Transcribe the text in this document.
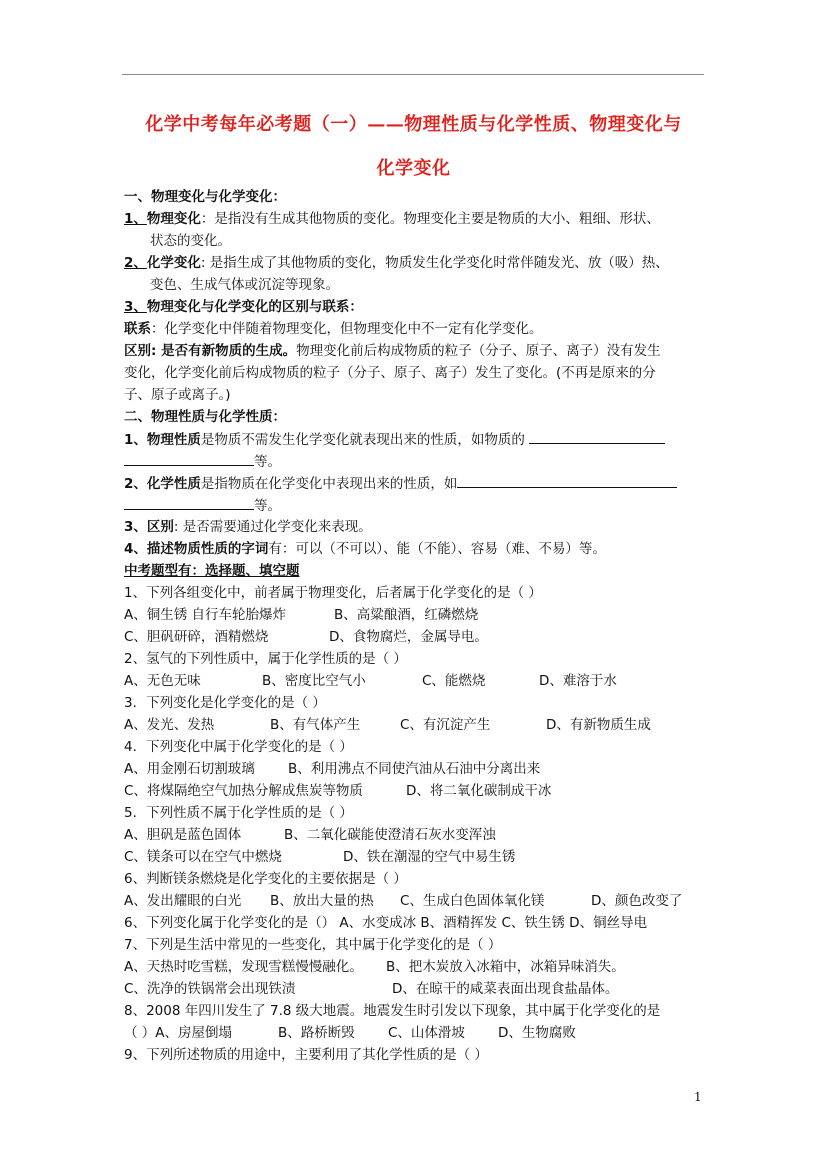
化学中考每年必考题（一）——物理性质与化学性质、物理变化与
化学变化
一、物理变化与化学变化：
1、物理变化：是指没有生成其他物质的变化。物理变化主要是物质的大小、粗细、形状、
状态的变化。
2、化学变化: 是指生成了其他物质的变化，物质发生化学变化时常伴随发光、放（吸）热、
变色、生成气体或沉淀等现象。
3、物理变化与化学变化的区别与联系：
联系：化学变化中伴随着物理变化，但物理变化中不一定有化学变化。
区别: 是否有新物质的生成。物理变化前后构成物质的粒子（分子、原子、离子）没有发生
变化，化学变化前后构成物质的粒子（分子、原子、离子）发生了变化。(不再是原来的分
子、原子或离子。)
二、物理性质与化学性质：
1、物理性质是物质不需发生化学变化就表现出来的性质，如物质的
等。
2、化学性质是指物质在化学变化中表现出来的性质，如
等。
3、区别: 是否需要通过化学变化来表现。
4、描述物质性质的字词有：可以（不可以）、能（不能）、容易（难、不易）等。
中考题型有：选择题、填空题
1、下列各组变化中，前者属于物理变化，后者属于化学变化的是（ ）
A、铜生锈 自行车轮胎爆炸	B、高粱酿酒，红磷燃烧
C、胆矾研碎，酒精燃烧	D、食物腐烂，金属导电。
2、氢气的下列性质中，属于化学性质的是（ ）
A、无色无味	B、密度比空气小	C、能燃烧	D、难溶于水
3．下列变化是化学变化的是（ ）
A、发光、发热	B、有气体产生	C、有沉淀产生	D、有新物质生成
4．下列变化中属于化学变化的是（ ）
A、用金刚石切割玻璃 B、利用沸点不同使汽油从石油中分离出来
C、将煤隔绝空气加热分解成焦炭等物质	D、将二氧化碳制成干冰
5．下列性质不属于化学性质的是（ ）
A、胆矾是蓝色固体	B、二氧化碳能使澄清石灰水变浑浊
C、镁条可以在空气中燃烧	D、铁在潮湿的空气中易生锈
6、判断镁条燃烧是化学变化的主要依据是（ ）
A、发出耀眼的白光 B、放出大量的热 C、生成白色固体氧化镁	D、颜色改变了
6、下列变化属于化学变化的是（） A、水变成冰 B、酒精挥发 C、铁生锈 D、铜丝导电
7、下列是生活中常见的一些变化，其中属于化学变化的是（ ）
A、天热时吃雪糕，发现雪糕慢慢融化。 B、把木炭放入冰箱中，冰箱异味消失。
C、洗净的铁锅常会出现铁渍	D、在晾干的咸菜表面出现食盐晶体。
8、2008 年四川发生了 7.8 级大地震。地震发生时引发以下现象，其中属于化学变化的是
（ ）A、房屋倒塌	B、路桥断毁 C、山体滑坡 D、生物腐败
9、下列所述物质的用途中，主要利用了其化学性质的是（ ）
1
